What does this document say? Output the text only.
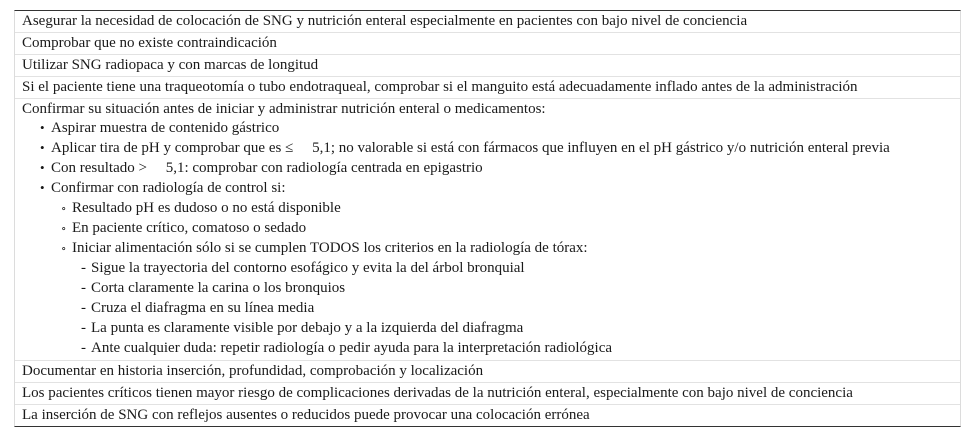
Asegurar la necesidad de colocación de SNG y nutrición enteral especialmente en pacientes con bajo nivel de conciencia
Comprobar que no existe contraindicación
Utilizar SNG radiopaca y con marcas de longitud
Si el paciente tiene una traqueotomía o tubo endotraqueal, comprobar si el manguito está adecuadamente inflado antes de la administración
Confirmar su situación antes de iniciar y administrar nutrición enteral o medicamentos:
• Aspirar muestra de contenido gástrico
• Aplicar tira de pH y comprobar que es ≤     5,1; no valorable si está con fármacos que influyen en el pH gástrico y/o nutrición enteral previa
• Con resultado >     5,1: comprobar con radiología centrada en epigastrio
• Confirmar con radiología de control si:
∘ Resultado pH es dudoso o no está disponible
∘ En paciente crítico, comatoso o sedado
∘ Iniciar alimentación sólo si se cumplen TODOS los criterios en la radiología de tórax:
- Sigue la trayectoria del contorno esofágico y evita la del árbol bronquial
- Corta claramente la carina o los bronquios
- Cruza el diafragma en su línea media
- La punta es claramente visible por debajo y a la izquierda del diafragma
- Ante cualquier duda: repetir radiología o pedir ayuda para la interpretación radiológica
Documentar en historia inserción, profundidad, comprobación y localización
Los pacientes críticos tienen mayor riesgo de complicaciones derivadas de la nutrición enteral, especialmente con bajo nivel de conciencia
La inserción de SNG con reflejos ausentes o reducidos puede provocar una colocación errónea
